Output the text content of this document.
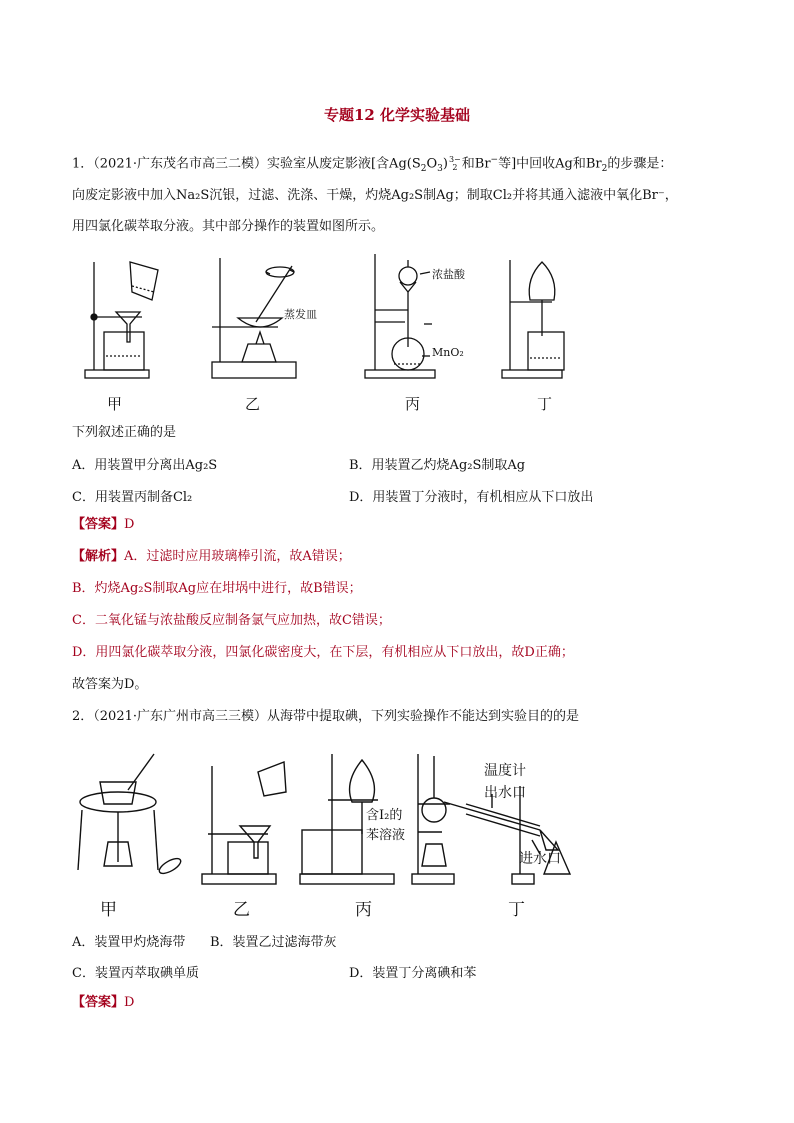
专题12 化学实验基础
1．（2021·广东茂名市高三二模）实验室从废定影液[含$Ag(S_2O_3)3-$
2 和Br−等]中回收Ag和$Br_2$的步骤是：
向废定影液中加入Na₂S沉银，过滤、洗涤、干燥，灼烧Ag₂S制Ag；制取Cl₂并将其通入滤液中氧化Br⁻，
用四氯化碳萃取分液。其中部分操作的装置如图所示。
甲	乙	丙	丁
蒸发皿
浓盐酸
MnO₂
下列叙述正确的是
A．用装置甲分离出Ag₂S	B．用装置乙灼烧Ag₂S制取Ag
C．用装置丙制备Cl₂	D．用装置丁分液时，有机相应从下口放出
【答案】D
【解析】A．过滤时应用玻璃棒引流，故A错误；
B．灼烧Ag₂S制取Ag应在坩埚中进行，故B错误；
C．二氧化锰与浓盐酸反应制备氯气应加热，故C错误；
D．用四氯化碳萃取分液，四氯化碳密度大，在下层，有机相应从下口放出，故D正确；
故答案为D。
2．（2021·广东广州市高三三模）从海带中提取碘，下列实验操作不能达到实验目的的是
甲	乙	丙	丁
温度计
出水口
进水口
含I₂的
苯溶液
A．装置甲灼烧海带 B．装置乙过滤海带灰
C．装置丙萃取碘单质	D．装置丁分离碘和苯
【答案】D
